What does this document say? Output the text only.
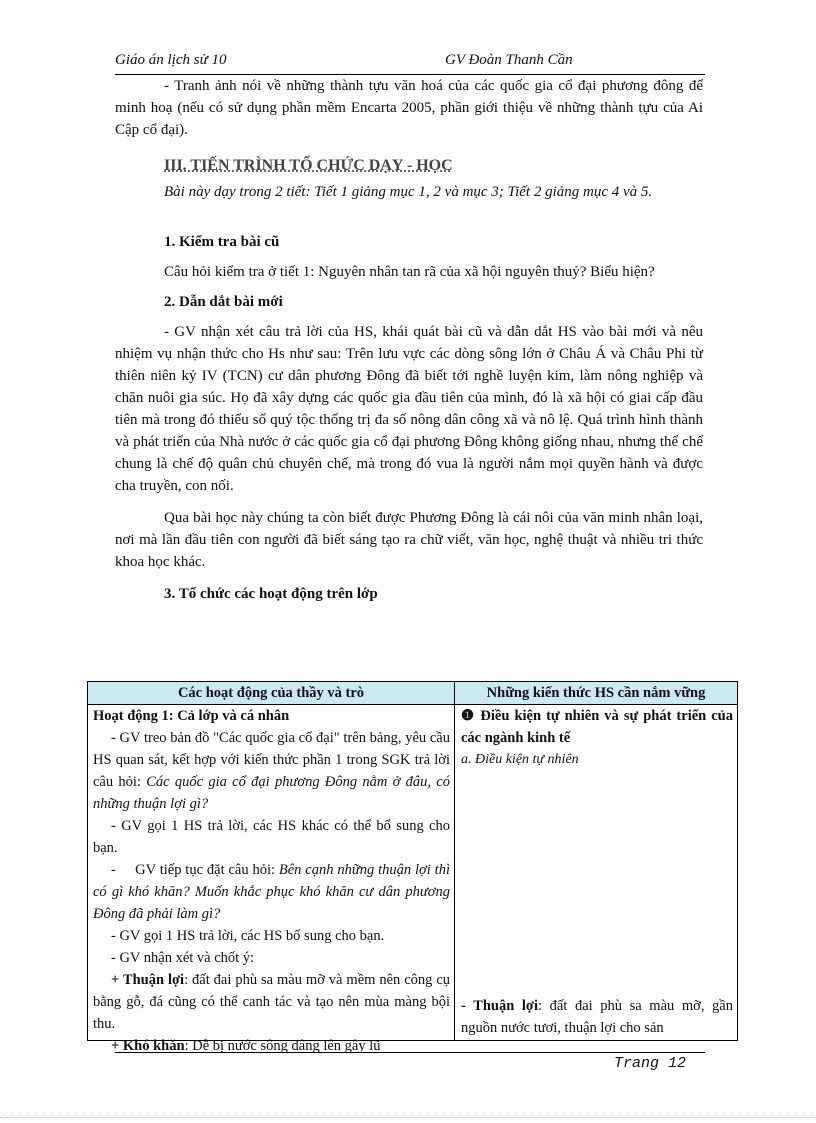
Giáo án lịch sử 10	GV Đoàn Thanh Cần

- Tranh ảnh nói về những thành tựu văn hoá của các quốc gia cổ đại phương đông để minh hoạ (nếu có sử dụng phần mềm Encarta 2005, phần giới thiệu về những thành tựu của Ai Cập cổ đại).

III. TIẾN TRÌNH TỔ CHỨC DẠY - HỌC

Bài này dạy trong 2 tiết: Tiết 1 giảng mục 1, 2 và mục 3; Tiết 2 giảng mục 4 và 5.

1. Kiểm tra bài cũ

Câu hỏi kiểm tra ở tiết 1: Nguyên nhân tan rã của xã hội nguyên thuỷ? Biểu hiện?

2. Dẫn dắt bài mới

- GV nhận xét câu trả lời của HS, khái quát bài cũ và dẫn dắt HS vào bài mới và nêu nhiệm vụ nhận thức cho Hs như sau: Trên lưu vực các dòng sông lớn ở Châu Á và Châu Phi từ thiên niên kỷ IV (TCN) cư dân phương Đông đã biết tới nghề luyện kim, làm nông nghiệp và chăn nuôi gia súc. Họ đã xây dựng các quốc gia đầu tiên của mình, đó là xã hội có giai cấp đầu tiên mà trong đó thiểu số quý tộc thống trị đa số nông dân công xã và nô lệ. Quá trình hình thành và phát triển của Nhà nước ở các quốc gia cổ đại phương Đông không giống nhau, nhưng thể chế chung là chế độ quân chủ chuyên chế, mà trong đó vua là người nắm mọi quyền hành và được cha truyền, con nối.

Qua bài học này chúng ta còn biết được Phương Đông là cái nôi của văn minh nhân loại, nơi mà lần đầu tiên con người đã biết sáng tạo ra chữ viết, văn học, nghệ thuật và nhiều tri thức khoa học khác.

3. Tổ chức các hoạt động trên lớp

Các hoạt động của thầy và trò	Những kiến thức HS cần nắm vững

Hoạt động 1: Cả lớp và cá nhân

- GV treo bản đồ "Các quốc gia cổ đại" trên bảng, yêu cầu HS quan sát, kết hợp với kiến thức phần 1 trong SGK trả lời câu hỏi: Các quốc gia cổ đại phương Đông nằm ở đâu, có những thuận lợi gì?

- GV gọi 1 HS trả lời, các HS khác có thể bổ sung cho bạn.

-     GV tiếp tục đặt câu hỏi: Bên cạnh những thuận lợi thì có gì khó khăn? Muốn khắc phục khó khăn cư dân phương Đông đã phải làm gì?

- GV gọi 1 HS trả lời, các HS bổ sung cho bạn.

- GV nhận xét và chốt ý:

+ Thuận lợi: đất đai phù sa màu mỡ và mềm nên công cụ bằng gỗ, đá cũng có thể canh tác và tạo nên mùa màng bội thu.

+ Khó khăn: Dễ bị nước sông dâng lên gây lũ

❶ Điều kiện tự nhiên và sự phát triển của các ngành kinh tế

a. Điều kiện tự nhiên

- Thuận lợi: đất đai phù sa màu mỡ, gần nguồn nước tươi, thuận lợi cho sản

Trang 12
